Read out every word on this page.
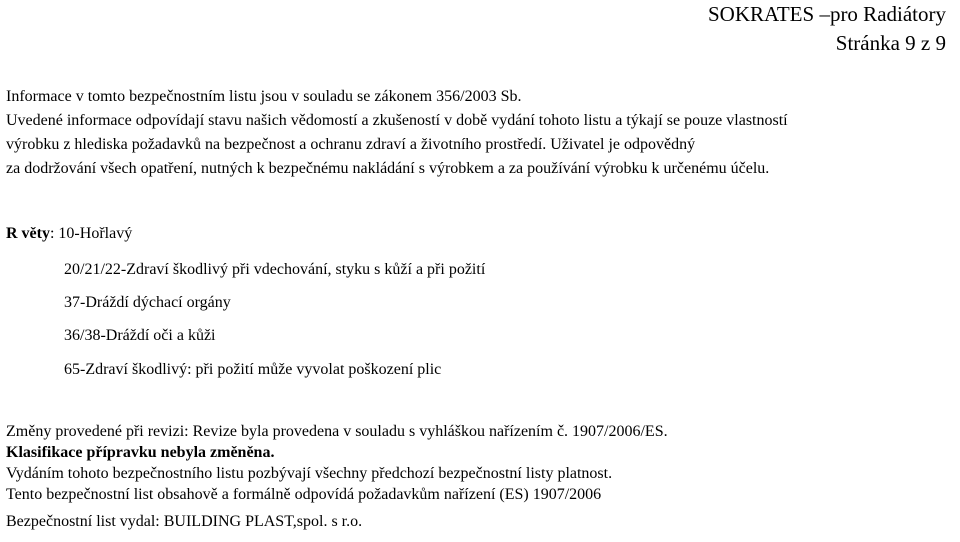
SOKRATES –pro Radiátory
Stránka 9 z 9
Informace v tomto bezpečnostním listu jsou v souladu se zákonem 356/2003 Sb.
Uvedené informace odpovídají stavu našich vědomostí a zkušeností v době vydání tohoto listu a týkají se pouze vlastností
výrobku z hlediska požadavků na bezpečnost a ochranu zdraví a životního prostředí. Uživatel je odpovědný
za dodržování všech opatření, nutných k bezpečnému nakládání s výrobkem a za používání výrobku k určenému účelu.
R věty: 10-Hořlavý
20/21/22-Zdraví škodlivý při vdechování, styku s kůží a při požití
37-Dráždí dýchací orgány
36/38-Dráždí oči a kůži
65-Zdraví škodlivý: při požití může vyvolat poškození plic
Změny provedené při revizi: Revize byla provedena v souladu s vyhláškou nařízením č. 1907/2006/ES.
Klasifikace přípravku nebyla změněna.
Vydáním tohoto bezpečnostního listu pozbývají všechny předchozí bezpečnostní listy platnost.
Tento bezpečnostní list obsahově a formálně odpovídá požadavkům nařízení (ES) 1907/2006
Bezpečnostní list vydal: BUILDING PLAST,spol. s r.o.
